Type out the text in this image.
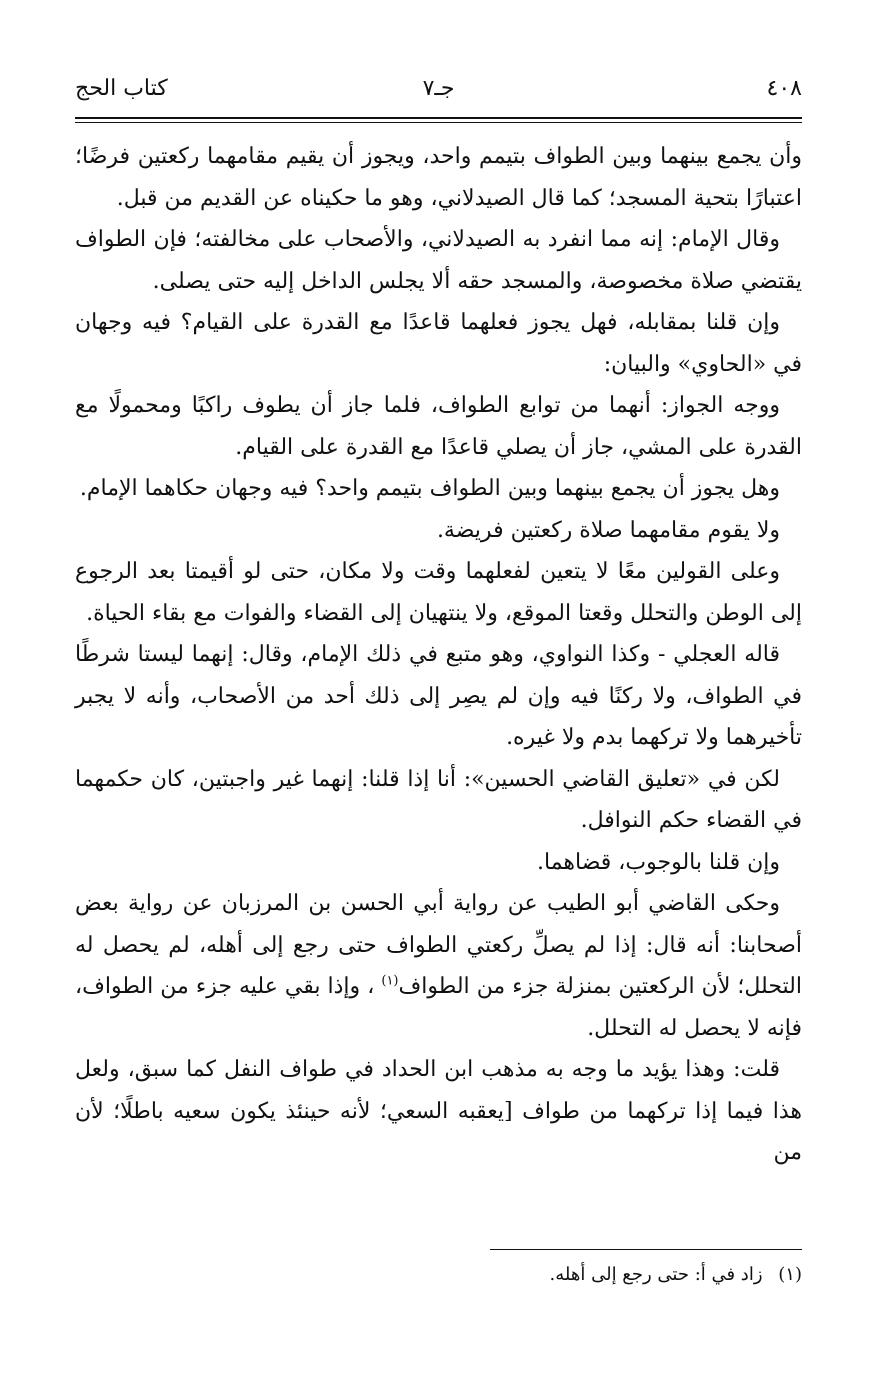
٤٠٨
جـ٧
كتاب الحج

وأن يجمع بينهما وبين الطواف بتيمم واحد، ويجوز أن يقيم مقامهما ركعتين فرضًا؛ اعتبارًا بتحية المسجد؛ كما قال الصيدلاني، وهو ما حكيناه عن القديم من قبل.

وقال الإمام: إنه مما انفرد به الصيدلاني، والأصحاب على مخالفته؛ فإن الطواف يقتضي صلاة مخصوصة، والمسجد حقه ألا يجلس الداخل إليه حتى يصلى.

وإن قلنا بمقابله، فهل يجوز فعلهما قاعدًا مع القدرة على القيام؟ فيه وجهان في «الحاوي» والبيان:

ووجه الجواز: أنهما من توابع الطواف، فلما جاز أن يطوف راكبًا ومحمولًا مع القدرة على المشي، جاز أن يصلي قاعدًا مع القدرة على القيام.

وهل يجوز أن يجمع بينهما وبين الطواف بتيمم واحد؟ فيه وجهان حكاهما الإمام.

ولا يقوم مقامهما صلاة ركعتين فريضة.

وعلى القولين معًا لا يتعين لفعلهما وقت ولا مكان، حتى لو أقيمتا بعد الرجوع إلى الوطن والتحلل وقعتا الموقع، ولا ينتهيان إلى القضاء والفوات مع بقاء الحياة.

قاله العجلي - وكذا النواوي، وهو متبع في ذلك الإمام، وقال: إنهما ليستا شرطًا في الطواف، ولا ركنًا فيه وإن لم يصِر إلى ذلك أحد من الأصحاب، وأنه لا يجبر تأخيرهما ولا تركهما بدم ولا غيره.

لكن في «تعليق القاضي الحسين»: أنا إذا قلنا: إنهما غير واجبتين، كان حكمهما في القضاء حكم النوافل.

وإن قلنا بالوجوب، قضاهما.

وحكى القاضي أبو الطيب عن رواية أبي الحسن بن المرزبان عن رواية بعض أصحابنا: أنه قال: إذا لم يصلِّ ركعتي الطواف حتى رجع إلى أهله، لم يحصل له التحلل؛ لأن الركعتين بمنزلة جزء من الطواف$^{(١)}$ ، وإذا بقي عليه جزء من الطواف، فإنه لا يحصل له التحلل.

قلت: وهذا يؤيد ما وجه به مذهب ابن الحداد في طواف النفل كما سبق، ولعل هذا فيما إذا تركهما من طواف [يعقبه السعي؛ لأنه حينئذ يكون سعيه باطلًا؛ لأن من

(١) زاد في أ: حتى رجع إلى أهله.
